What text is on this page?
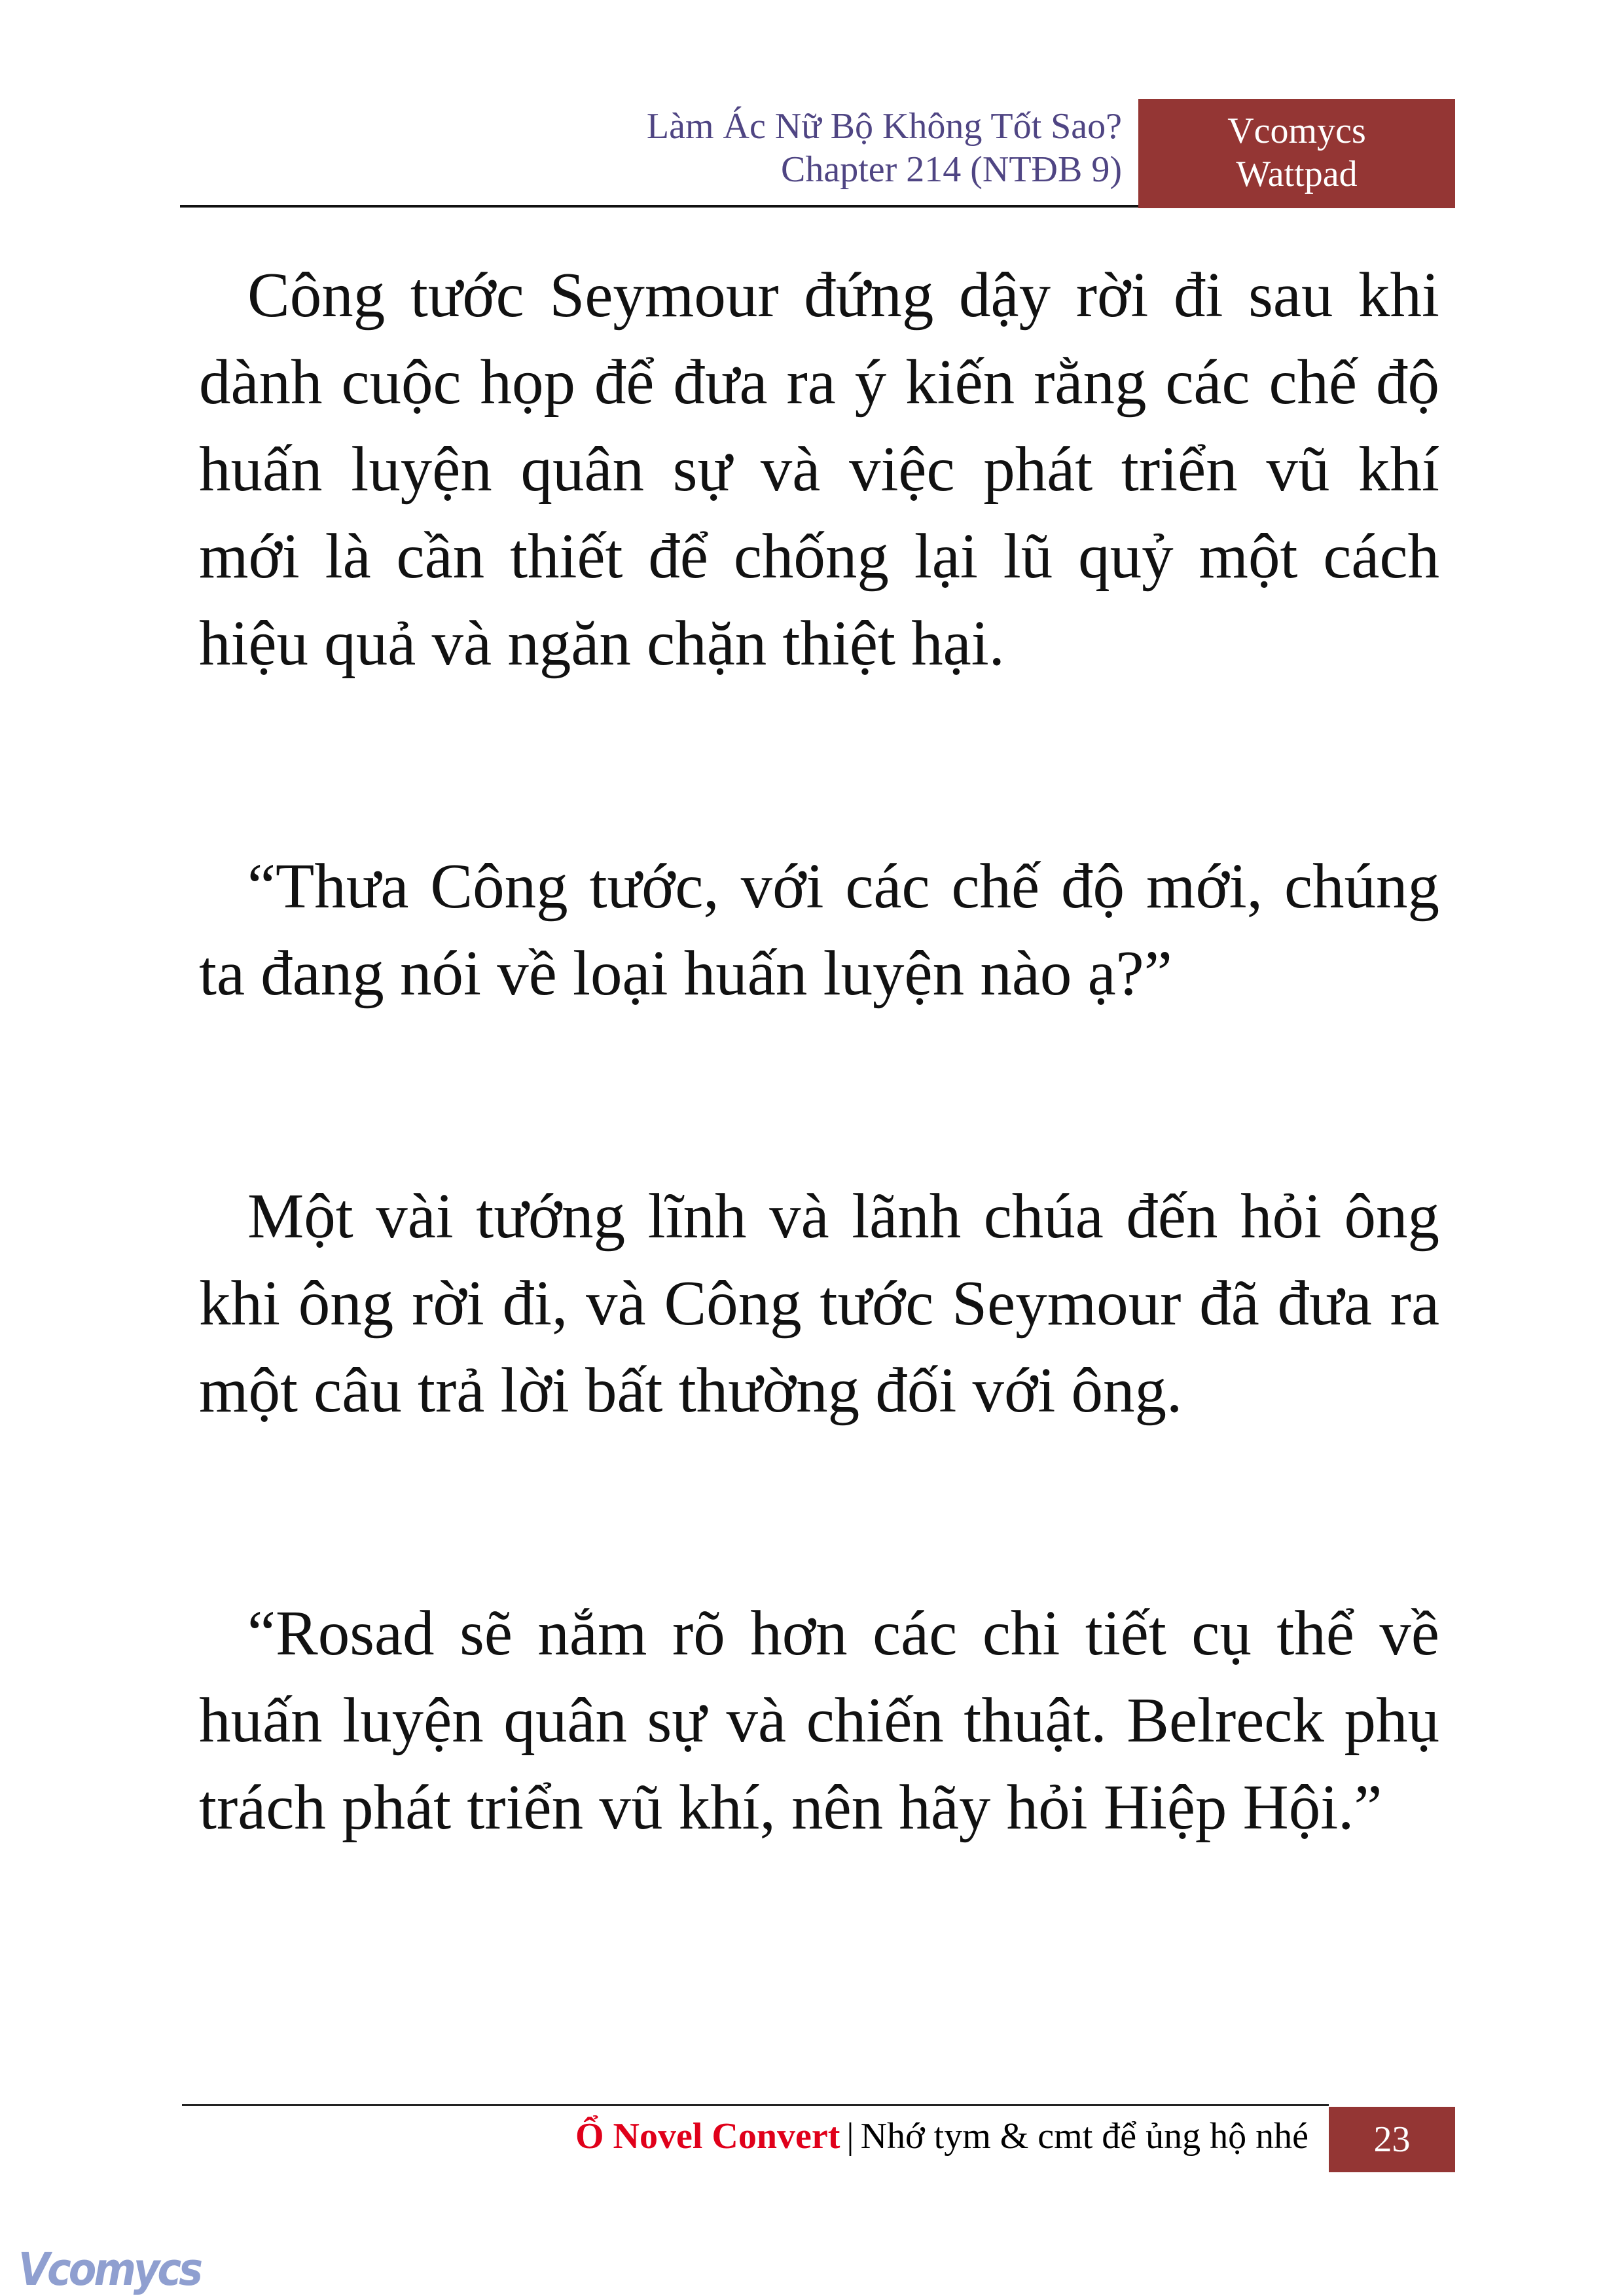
Làm Ác Nữ Bộ Không Tốt Sao?
Chapter 214 (NTĐB 9)
Vcomycs
Wattpad

Công tước Seymour đứng dậy rời đi sau khi dành cuộc họp để đưa ra ý kiến rằng các chế độ huấn luyện quân sự và việc phát triển vũ khí mới là cần thiết để chống lại lũ quỷ một cách hiệu quả và ngăn chặn thiệt hại.

“Thưa Công tước, với các chế độ mới, chúng ta đang nói về loại huấn luyện nào ạ?”

Một vài tướng lĩnh và lãnh chúa đến hỏi ông khi ông rời đi, và Công tước Seymour đã đưa ra một câu trả lời bất thường đối với ông.

“Rosad sẽ nắm rõ hơn các chi tiết cụ thể về huấn luyện quân sự và chiến thuật. Belreck phụ trách phát triển vũ khí, nên hãy hỏi Hiệp Hội.”

Ổ Novel Convert | Nhớ tym & cmt để ủng hộ nhé	23
Vcomycs
